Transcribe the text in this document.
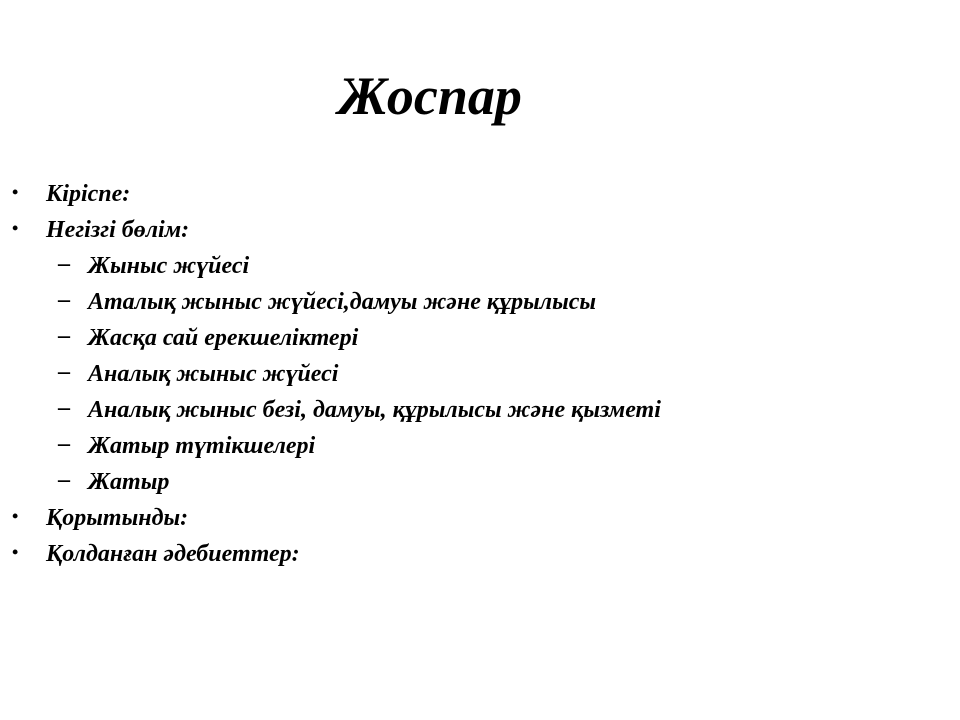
Жоспар
• Кіріспе:
• Негізгі бөлім:
– Жыныс жүйесі
– Аталық жыныс жүйесі,дамуы және құрылысы
– Жасқа сай ерекшеліктері
– Аналық жыныс жүйесі
– Аналық жыныс безі, дамуы, құрылысы және қызметі
– Жатыр түтікшелері
– Жатыр
• Қорытынды:
• Қолданған әдебиеттер:
